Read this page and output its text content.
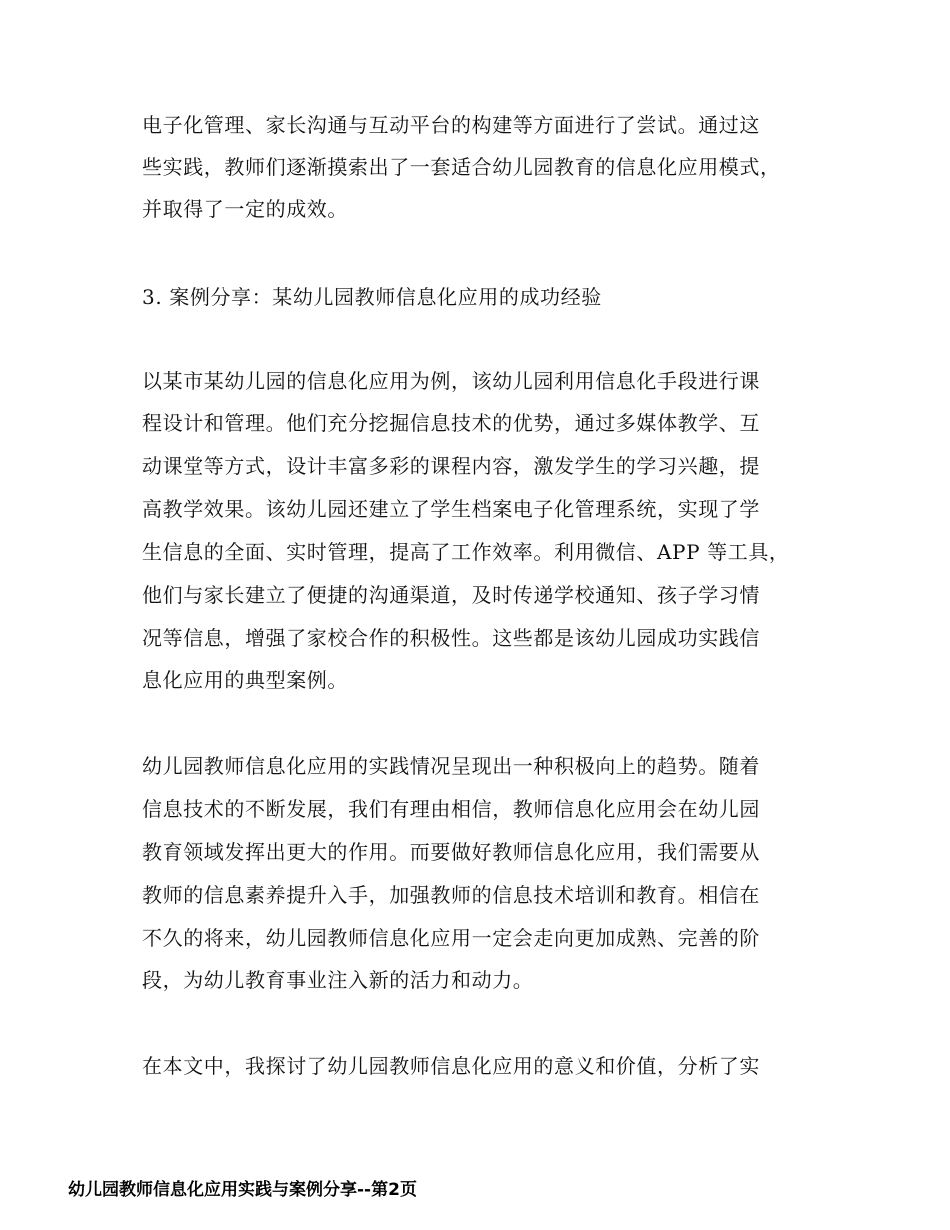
电子化管理、家长沟通与互动平台的构建等方面进行了尝试。通过这

些实践，教师们逐渐摸索出了一套适合幼儿园教育的信息化应用模式，

并取得了一定的成效。

3. 案例分享：某幼儿园教师信息化应用的成功经验

以某市某幼儿园的信息化应用为例，该幼儿园利用信息化手段进行课

程设计和管理。他们充分挖掘信息技术的优势，通过多媒体教学、互

动课堂等方式，设计丰富多彩的课程内容，激发学生的学习兴趣，提

高教学效果。该幼儿园还建立了学生档案电子化管理系统，实现了学

生信息的全面、实时管理，提高了工作效率。利用微信、APP 等工具，

他们与家长建立了便捷的沟通渠道，及时传递学校通知、孩子学习情

况等信息，增强了家校合作的积极性。这些都是该幼儿园成功实践信

息化应用的典型案例。

幼儿园教师信息化应用的实践情况呈现出一种积极向上的趋势。随着

信息技术的不断发展，我们有理由相信，教师信息化应用会在幼儿园

教育领域发挥出更大的作用。而要做好教师信息化应用，我们需要从

教师的信息素养提升入手，加强教师的信息技术培训和教育。相信在

不久的将来，幼儿园教师信息化应用一定会走向更加成熟、完善的阶

段，为幼儿教育事业注入新的活力和动力。

在本文中，我探讨了幼儿园教师信息化应用的意义和价值，分析了实

幼儿园教师信息化应用实践与案例分享--第2页
